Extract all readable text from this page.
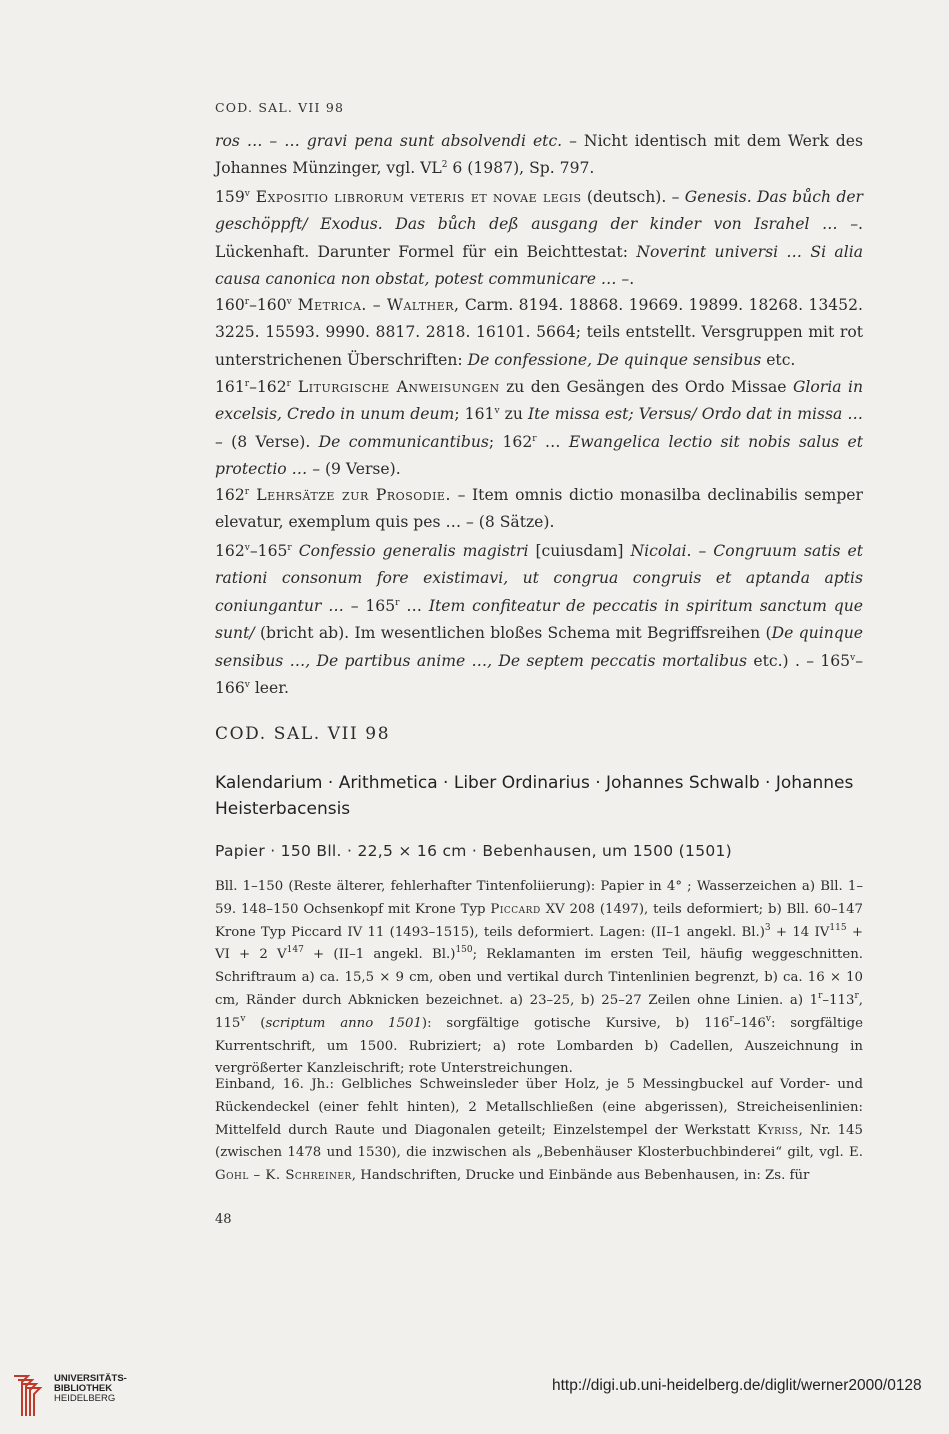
COD. SAL. VII 98
ros … – … gravi pena sunt absolvendi etc. – Nicht identisch mit dem Werk des Johannes Münzinger, vgl. $VL^2$ 6 (1987), Sp. 797.
159$^v$ Expositio librorum veteris et novae legis (deutsch). – Genesis. Das bůch der geschöppft/ Exodus. Das bůch deß ausgang der kinder von Israhel … –. Lückenhaft. Darunter Formel für ein Beichttestat: Noverint universi … Si alia causa canonica non obstat, potest communicare … –.
160$^r$–160$^v$ Metrica. – Walther, Carm. 8194. 18868. 19669. 19899. 18268. 13452. 3225. 15593. 9990. 8817. 2818. 16101. 5664; teils entstellt. Versgruppen mit rot unterstrichenen Überschriften: De confessione, De quinque sensibus etc.
161$^r$–162$^r$ Liturgische Anweisungen zu den Gesängen des Ordo Missae Gloria in excelsis, Credo in unum deum; 161$^v$ zu Ite missa est; Versus/ Ordo dat in missa … – (8 Verse). De communicantibus; 162$^r$ … Ewangelica lectio sit nobis salus et protectio … – (9 Verse).
162$^r$ Lehrsätze zur Prosodie. – Item omnis dictio monasilba declinabilis semper elevatur, exemplum quis pes … – (8 Sätze).
162$^v$–165$^r$ Confessio generalis magistri [cuiusdam] Nicolai. – Congruum satis et rationi consonum fore existimavi, ut congrua congruis et aptanda aptis coniungantur … – 165$^r$ … Item confiteatur de peccatis in spiritum sanctum que sunt/ (bricht ab). Im wesentlichen bloßes Schema mit Begriffsreihen (De quinque sensibus …, De partibus anime …, De septem peccatis mortalibus etc.) . – 165$^v$–166$^v$ leer.
COD. SAL. VII 98
Kalendarium · Arithmetica · Liber Ordinarius · Johannes Schwalb · Johannes Heisterbacensis
Papier · 150 Bll. · 22,5 × 16 cm · Bebenhausen, um 1500 (1501)
Bll. 1–150 (Reste älterer, fehlerhafter Tintenfoliierung): Papier in 4° ; Wasserzeichen a) Bll. 1–59. 148–150 Ochsenkopf mit Krone Typ Piccard XV 208 (1497), teils deformiert; b) Bll. 60–147 Krone Typ Piccard IV 11 (1493–1515), teils deformiert. Lagen: (II–1 angekl. Bl.)$^3$ + 14 $IV^{115}$ + VI + 2 $V^{147} + (II-1$ angekl. Bl.)$^{150}$; Reklamanten im ersten Teil, häufig weggeschnitten. Schriftraum a) ca. 15,5 × 9 cm, oben und vertikal durch Tintenlinien begrenzt, b) ca. 16 × 10 cm, Ränder durch Abknicken bezeichnet. a) 23–25, b) 25–27 Zeilen ohne Linien. a) 1$^r$–113$^r$, 115$^v$ (scriptum anno 1501): sorgfältige gotische Kursive, b) 116$^r$–146$^v$: sorgfältige Kurrentschrift, um 1500. Rubriziert; a) rote Lombarden b) Cadellen, Auszeichnung in vergrößerter Kanzleischrift; rote Unterstreichungen.
Einband, 16. Jh.: Gelbliches Schweinsleder über Holz, je 5 Messingbuckel auf Vorder- und Rückendeckel (einer fehlt hinten), 2 Metallschließen (eine abgerissen), Streicheisenlinien: Mittelfeld durch Raute und Diagonalen geteilt; Einzelstempel der Werkstatt Kyriss, Nr. 145 (zwischen 1478 und 1530), die inzwischen als „Bebenhäuser Klosterbuchbinderei“ gilt, vgl. E. Gohl – K. Schreiner, Handschriften, Drucke und Einbände aus Bebenhausen, in: Zs. für
48
UNIVERSITÄTS-
BIBLIOTHEK
HEIDELBERG
http://digi.ub.uni-heidelberg.de/diglit/werner2000/0128
